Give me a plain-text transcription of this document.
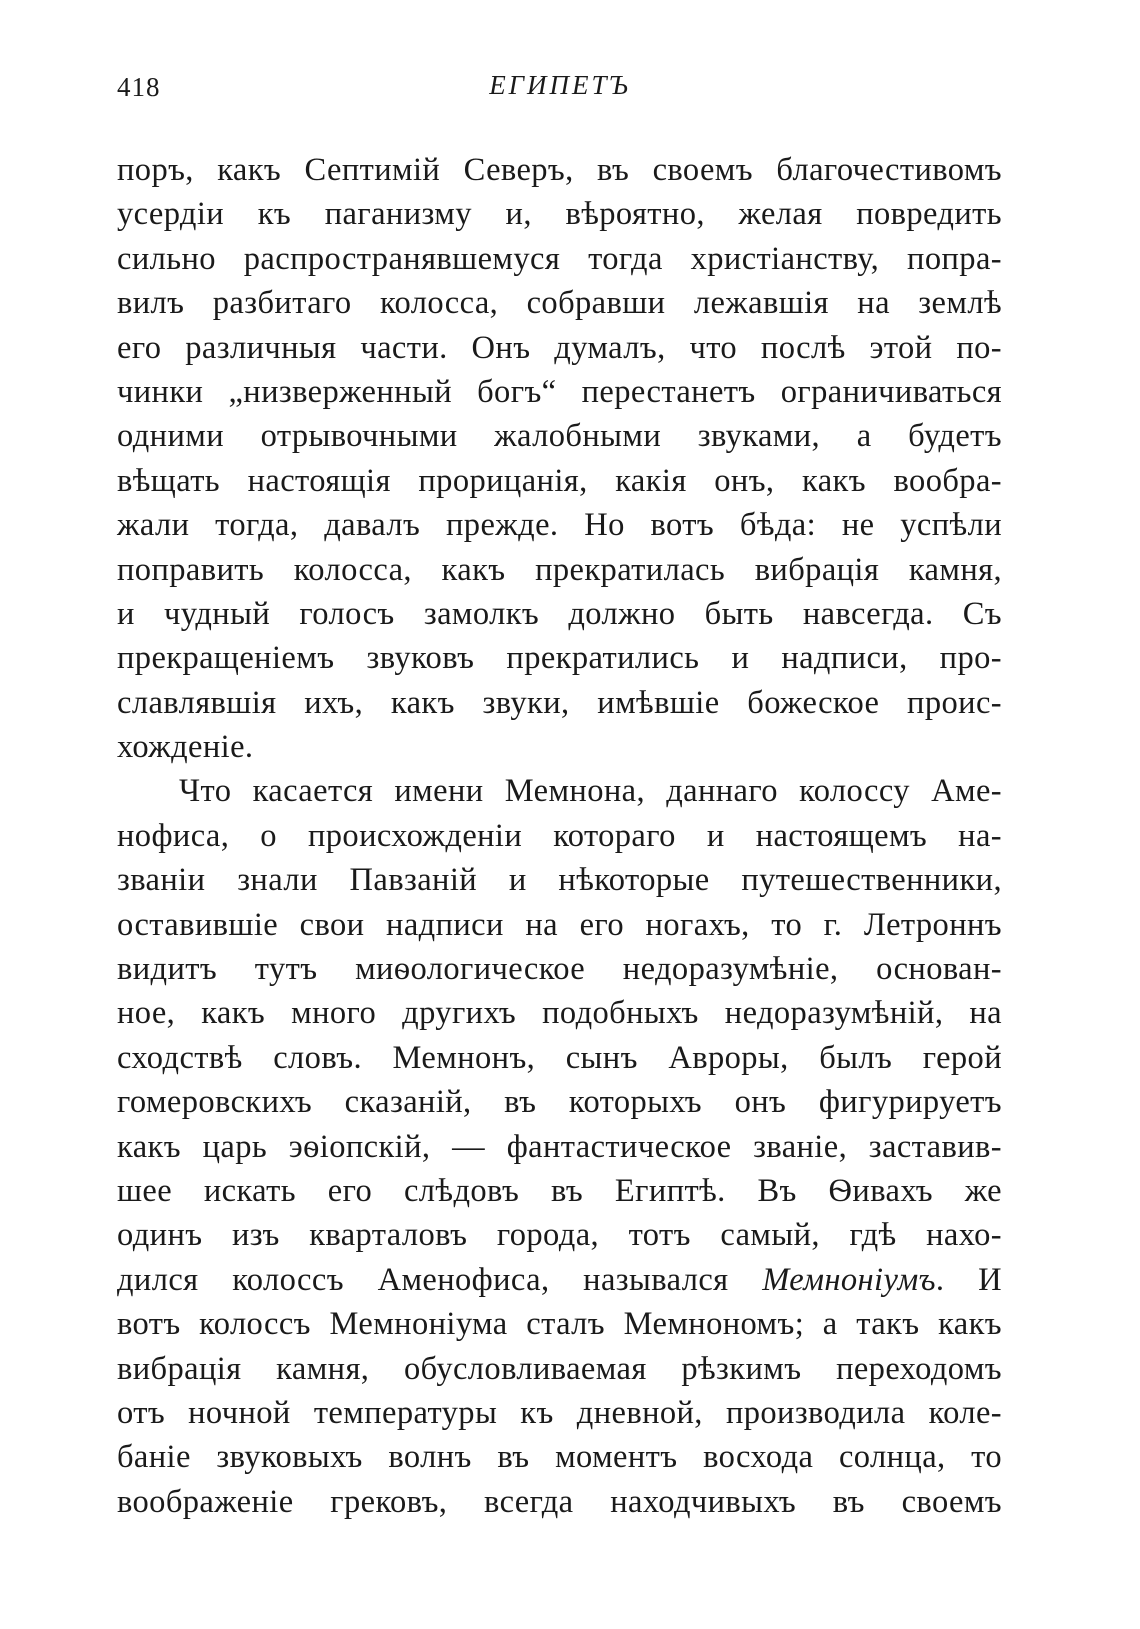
418	ЕГИПЕТЪ
поръ, какъ Септимій Северъ, въ своемъ благочестивомъ
усердіи къ паганизму и, вѣроятно, желая повредить
сильно распространявшемуся тогда христіанству, попра-
вилъ разбитаго колосса, собравши лежавшія на землѣ
его различныя части. Онъ думалъ, что послѣ этой по-
чинки „низверженный богъ“ перестанетъ ограничиваться
одними отрывочными жалобными звуками, а будетъ
вѣщать настоящія прорицанія, какія онъ, какъ вообра-
жали тогда, давалъ прежде. Но вотъ бѣда: не успѣли
поправить колосса, какъ прекратилась вибрація камня,
и чудный голосъ замолкъ должно быть навсегда. Съ
прекращеніемъ звуковъ прекратились и надписи, про-
славлявшія ихъ, какъ звуки, имѣвшіе божеское проис-
хожденіе.
Что касается имени Мемнона, даннаго колоссу Аме-
нофиса, о происхожденіи котораго и настоящемъ на-
званіи знали Павзаній и нѣкоторые путешественники,
оставившіе свои надписи на его ногахъ, то г. Летроннъ
видитъ тутъ миѳологическое недоразумѣніе, основан-
ное, какъ много другихъ подобныхъ недоразумѣній, на
сходствѣ словъ. Мемнонъ, сынъ Авроры, былъ герой
гомеровскихъ сказаній, въ которыхъ онъ фигурируетъ
какъ царь эѳіопскій, — фантастическое званіе, заставив-
шее искать его слѣдовъ въ Египтѣ. Въ Ѳивахъ же
одинъ изъ кварталовъ города, тотъ самый, гдѣ нахо-
дился колоссъ Аменофиса, назывался Мемноніумъ. И
вотъ колоссъ Мемноніума сталъ Мемнономъ; а такъ какъ
вибрація камня, обусловливаемая рѣзкимъ переходомъ
отъ ночной температуры къ дневной, производила коле-
баніе звуковыхъ волнъ въ моментъ восхода солнца, то
воображеніе грековъ, всегда находчивыхъ въ своемъ
